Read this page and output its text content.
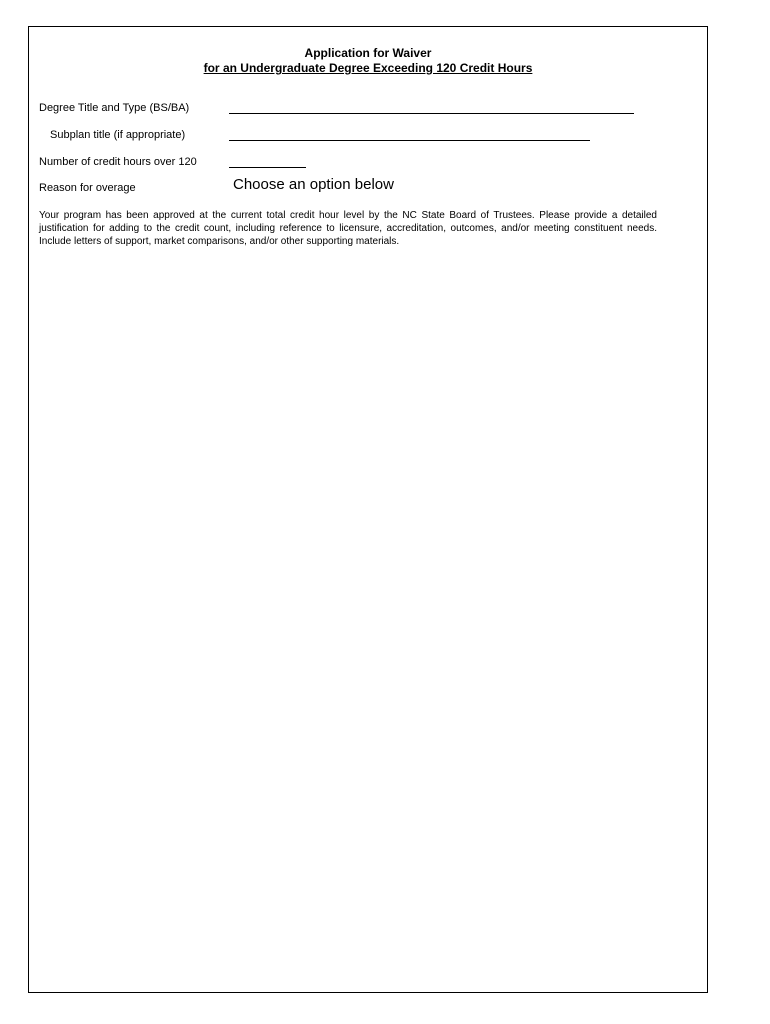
Application for Waiver
for an Undergraduate Degree Exceeding 120 Credit Hours
Degree Title and Type (BS/BA)
Subplan title (if appropriate)
Number of credit hours over 120
Reason for overage	Choose an option below
Your program has been approved at the current total credit hour level by the NC State Board of Trustees. Please provide a detailed justification for adding to the credit count, including reference to licensure, accreditation, outcomes, and/or meeting constituent needs. Include letters of support, market comparisons, and/or other supporting materials.
